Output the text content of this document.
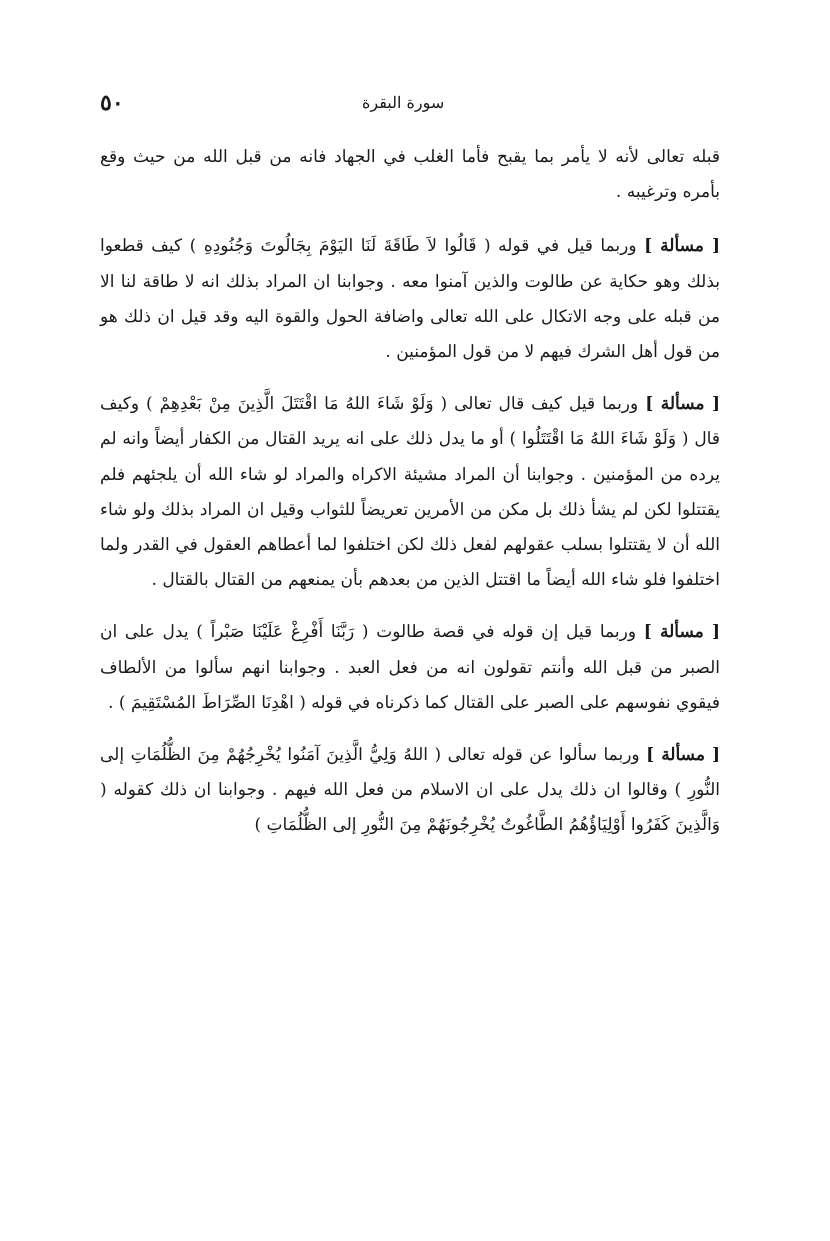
٥٠	سورة البقرة

قبله تعالى لأنه لا يأمر بما يقبح فأما الغلب في الجهاد فانه من قبل الله من حيث وقع بأمره وترغيبه .

[ مسألة ] وربما قيل في قوله ( قَالُوا لاَ طَاقَةَ لَنَا اليَوْمَ بِجَالُوتَ وَجُنُودِهِ ) كيف قطعوا بذلك وهو حكاية عن طالوت والذين آمنوا معه . وجوابنا ان المراد بذلك انه لا طاقة لنا الا من قبله على وجه الاتكال على الله تعالى واضافة الحول والقوة اليه وقد قيل ان ذلك هو من قول أهل الشرك فيهم لا من قول المؤمنين .

[ مسألة ] وربما قيل كيف قال تعالى ( وَلَوْ شَاءَ اللهُ مَا اقْتَتَلَ الَّذِينَ مِنْ بَعْدِهِمْ ) وكيف قال ( وَلَوْ شَاءَ اللهُ مَا اقْتَتَلُوا ) أو ما يدل ذلك على انه يريد القتال من الكفار أيضاً وانه لم يرده من المؤمنين . وجوابنا أن المراد مشيئة الاكراه والمراد لو شاء الله أن يلجئهم فلم يقتتلوا لكن لم يشأ ذلك بل مكن من الأمرين تعريضاً للثواب وقيل ان المراد بذلك ولو شاء الله أن لا يقتتلوا بسلب عقولهم لفعل ذلك لكن اختلفوا لما أعطاهم العقول في القدر ولما اختلفوا فلو شاء الله أيضاً ما اقتتل الذين من بعدهم بأن يمنعهم من القتال بالقتال .

[ مسألة ] وربما قيل إن قوله في قصة طالوت ( رَبَّنَا أَفْرِغْ عَلَيْنَا صَبْراً ) يدل على ان الصبر من قبل الله وأنتم تقولون انه من فعل العبد . وجوابنا انهم سألوا من الألطاف فيقوي نفوسهم على الصبر على القتال كما ذكرناه في قوله ( اهْدِنَا الصِّرَاطَ المُسْتَقِيمَ ) .

[ مسألة ] وربما سألوا عن قوله تعالى ( اللهُ وَلِيُّ الَّذِينَ آمَنُوا يُخْرِجُهُمْ مِنَ الظُّلُمَاتِ إلى النُّورِ ) وقالوا ان ذلك يدل على ان الاسلام من فعل الله فيهم . وجوابنا ان ذلك كقوله ( وَالَّذِينَ كَفَرُوا أَوْلِيَاؤُهُمُ الطَّاغُوتُ يُخْرِجُونَهُمْ مِنَ النُّورِ إلى الظُّلُمَاتِ )
